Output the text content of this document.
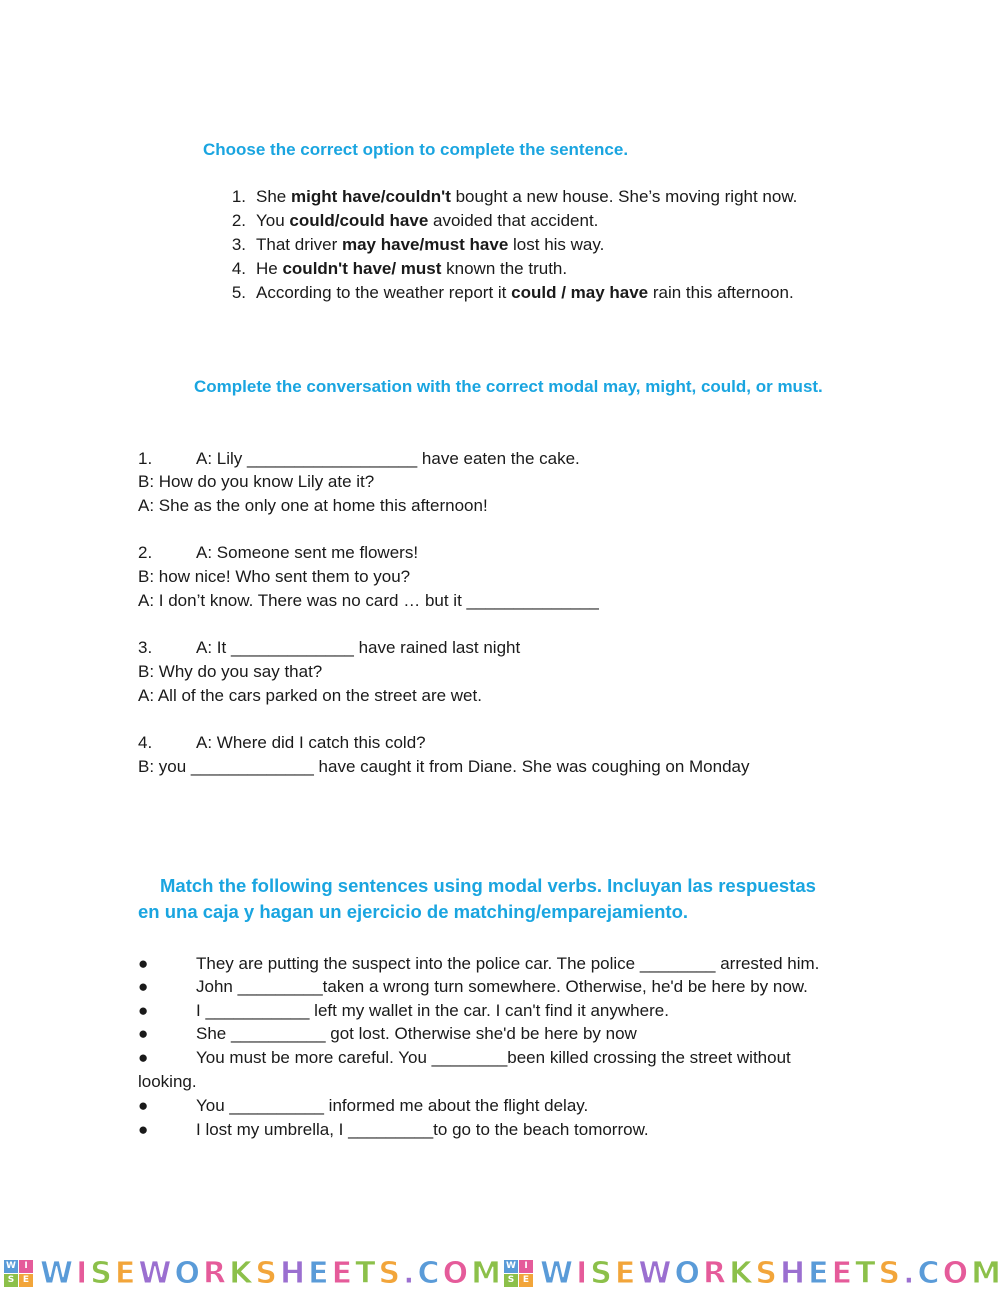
Choose the correct option to complete the sentence.
1. She might have/couldn't bought a new house. She’s moving right now.
2. You could/could have avoided that accident.
3. That driver may have/must have lost his way.
4. He couldn't have/ must known the truth.
5. According to the weather report it could / may have rain this afternoon.
Complete the conversation with the correct modal may, might, could, or must.
1.	A: Lily __________________ have eaten the cake.
B: How do you know Lily ate it?
A: She as the only one at home this afternoon!
2.	A: Someone sent me flowers!
B: how nice! Who sent them to you?
A: I don’t know. There was no card … but it ______________
3.	A: It _____________ have rained last night
B: Why do you say that?
A: All of the cars parked on the street are wet.
4.	A: Where did I catch this cold?
B: you _____________ have caught it from Diane. She was coughing on Monday
Match the following sentences using modal verbs. Incluyan las respuestas
en una caja y hagan un ejercicio de matching/emparejamiento.
●	They are putting the suspect into the police car. The police ________ arrested him.
●	John _________taken a wrong turn somewhere. Otherwise, he'd be here by now.
●	I ___________ left my wallet in the car. I can't find it anywhere.
●	She __________ got lost. Otherwise she'd be here by now
●	You must be more careful. You ________been killed crossing the street without
looking.
●	You __________ informed me about the flight delay.
●	I lost my umbrella, I _________to go to the beach tomorrow.
W I
S E WISEWORKSHEETS.COM W I
S E WISEWORKSHEETS.COM
